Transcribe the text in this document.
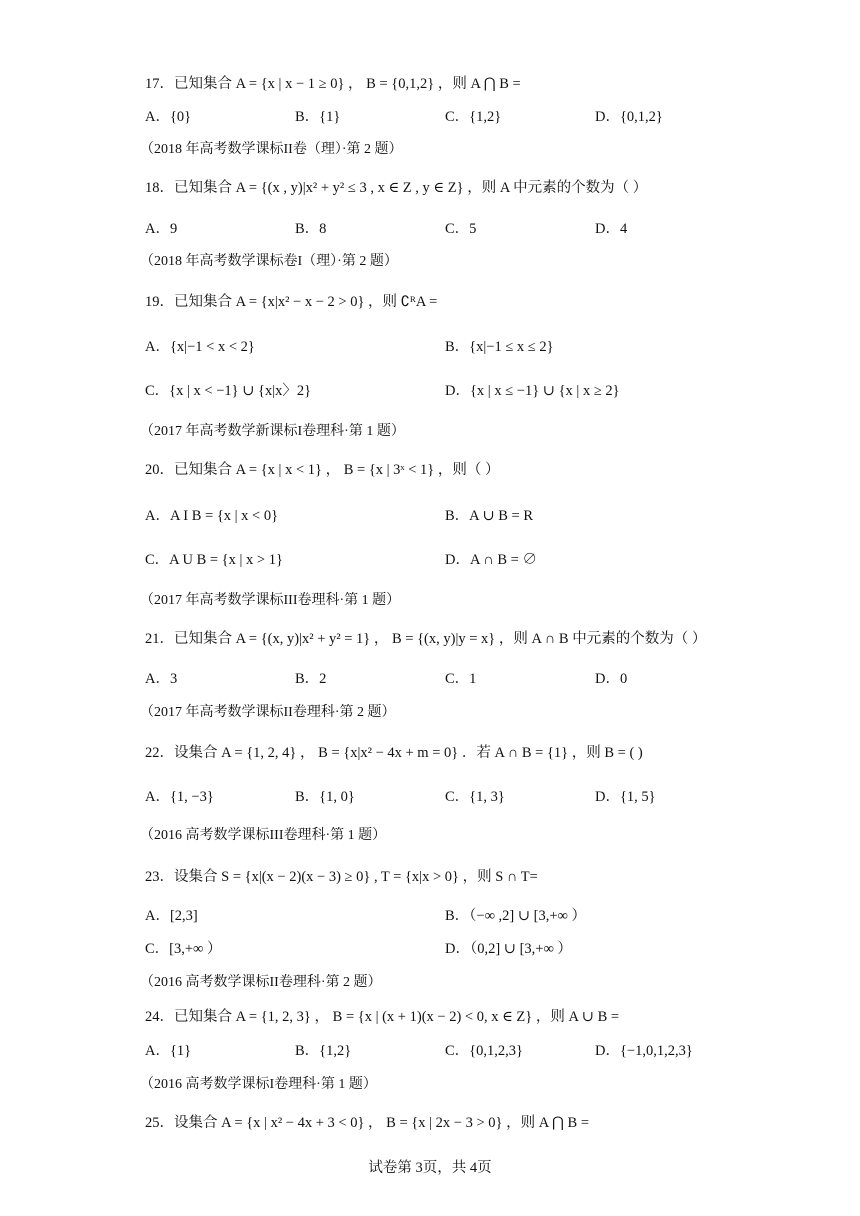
17．已知集合 A = {x | x − 1 ≥ 0} ， B = {0,1,2} ，则 A ⋂ B =
A．{0}	B．{1}	C．{1,2}	D．{0,1,2}
（2018 年高考数学课标II卷（理）·第 2 题）
18．已知集合 A = {(x , y)|x² + y² ≤ 3 , x ∈ Z , y ∈ Z} ，则 A 中元素的个数为（ ）
A．9	B．8	C．5	D．4
（2018 年高考数学课标卷I（理）·第 2 题）
19．已知集合 A = {x|x² − x − 2 > 0} ，则 ∁ᴿA =
A．{x|−1 < x < 2}	B．{x|−1 ≤ x ≤ 2}
C．{x | x < −1} ∪ {x|x〉2}	D．{x | x ≤ −1} ∪ {x | x ≥ 2}
（2017 年高考数学新课标I卷理科·第 1 题）
20．已知集合 A = {x | x < 1} ， B = {x | 3ˣ < 1} ，则（ ）
A．A I B = {x | x < 0}	B．A ∪ B = R
C．A U B = {x | x > 1}	D．A ∩ B = ∅
（2017 年高考数学课标III卷理科·第 1 题）
21．已知集合 A = {(x, y)|x² + y² = 1} ， B = {(x, y)|y = x} ，则 A ∩ B 中元素的个数为（ ）
A．3	B．2	C．1	D．0
（2017 年高考数学课标II卷理科·第 2 题）
22．设集合 A = {1, 2, 4} ， B = {x|x² − 4x + m = 0} ．若 A ∩ B = {1} ，则 B = ( )
A．{1, −3}	B．{1, 0}	C．{1, 3}	D．{1, 5}
（2016 高考数学课标III卷理科·第 1 题）
23．设集合 S = {x|(x − 2)(x − 3) ≥ 0} , T = {x|x > 0} ，则 S ∩ T=
A．[2,3]	B．（−∞ ,2] ∪ [3,+∞ ）
C．[3,+∞ ）	D．（0,2] ∪ [3,+∞ ）
（2016 高考数学课标II卷理科·第 2 题）
24．已知集合 A = {1, 2, 3} ， B = {x | (x + 1)(x − 2) < 0, x ∈ Z} ，则 A ∪ B =
A．{1}	B．{1,2}	C．{0,1,2,3}	D．{−1,0,1,2,3}
（2016 高考数学课标I卷理科·第 1 题）
25．设集合 A = {x | x² − 4x + 3 < 0} ， B = {x | 2x − 3 > 0} ，则 A ⋂ B =
试卷第 3页，共 4页
